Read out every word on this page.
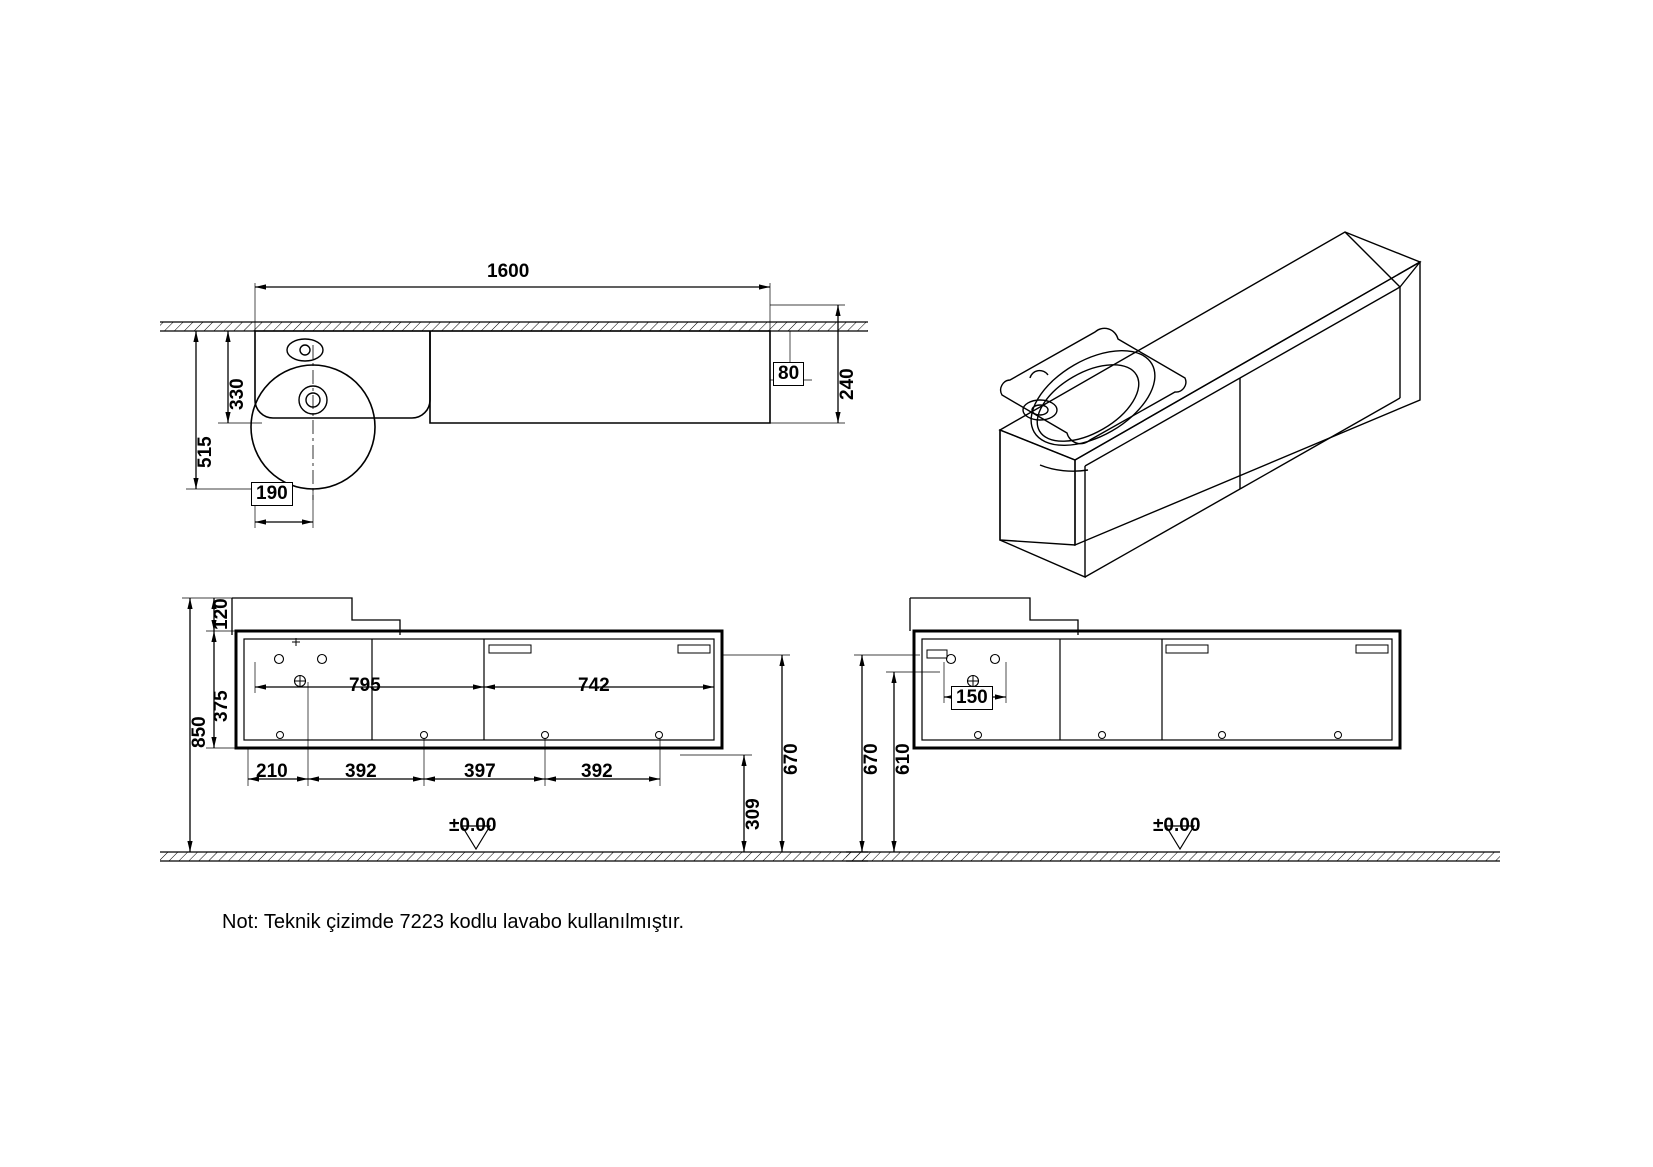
1600
515
330	240
80
190
850
120
375
670
309
795	742
210	392	397	392
±0.00
670 610
150
±0.00
Not: Teknik çizimde 7223 kodlu lavabo kullanılmıştır.
